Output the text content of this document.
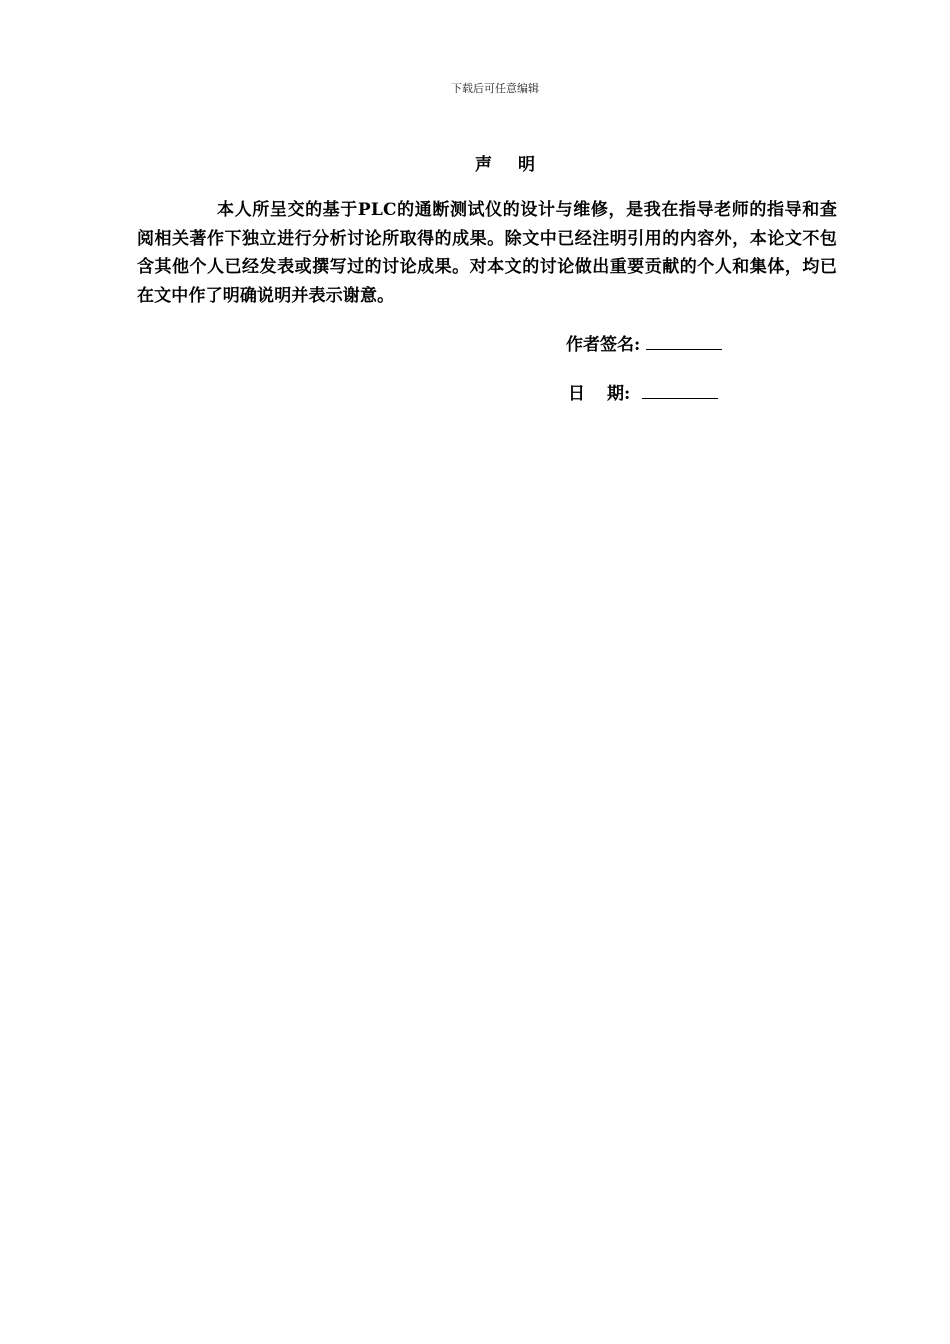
下载后可任意编辑
声 明

本人所呈交的基于PLC的通断测试仪的设计与维修，是我在指导老师的指导和查阅相关著作下独立进行分析讨论所取得的成果。除文中已经注明引用的内容外，本论文不包含其他个人已经发表或撰写过的讨论成果。对本文的讨论做出重要贡献的个人和集体，均已在文中作了明确说明并表示谢意。

作者签名:
日 期:
